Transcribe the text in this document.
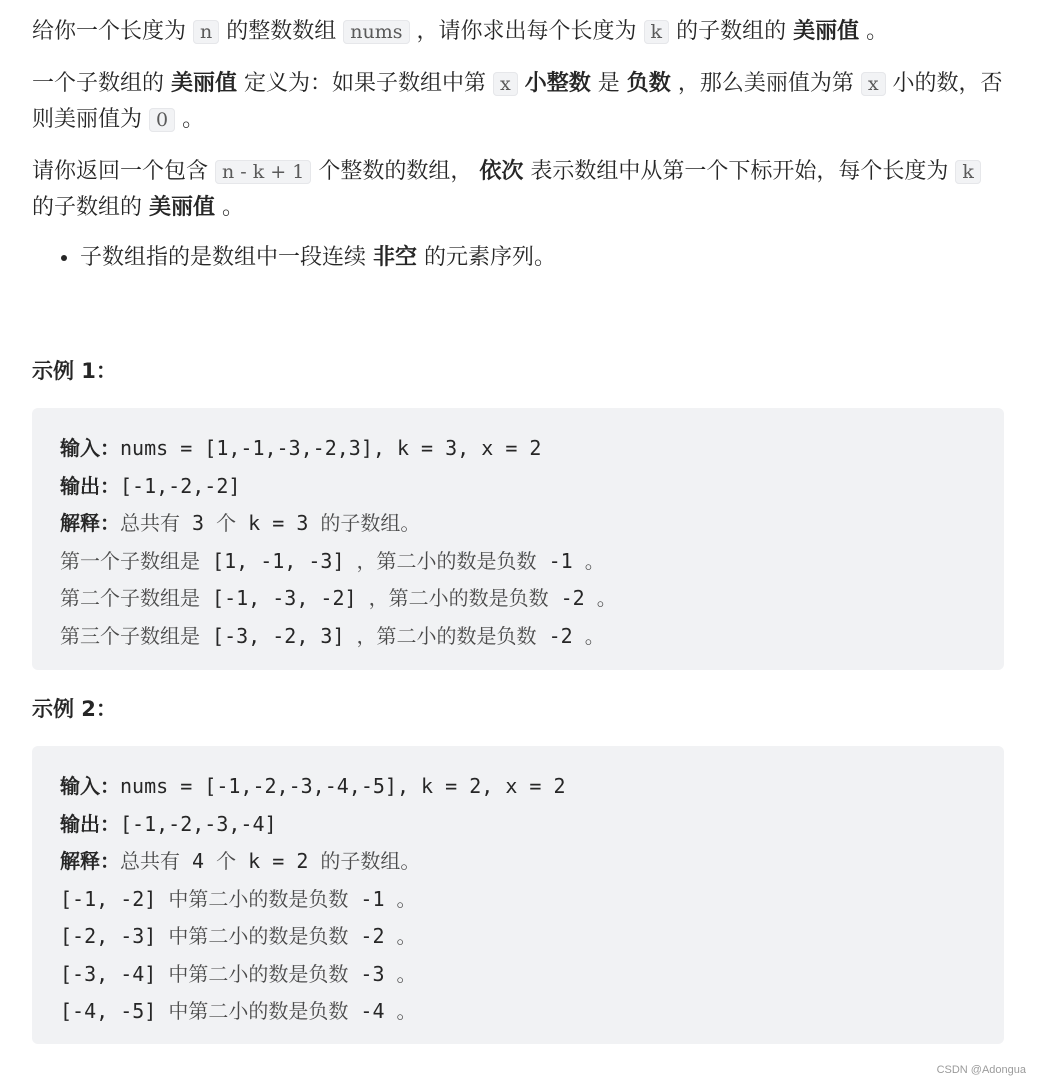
给你一个长度为 n 的整数数组 nums ，请你求出每个长度为 k 的子数组的 美丽值 。

一个子数组的 美丽值 定义为：如果子数组中第 x 小整数 是 负数 ，那么美丽值为第 x 小的数，否则美丽值为 0 。

请你返回一个包含 n - k + 1 个整数的数组， 依次 表示数组中从第一个下标开始，每个长度为 k 的子数组的 美丽值 。

• 子数组指的是数组中一段连续 非空 的元素序列。
示例 1：
输入：nums = [1,-1,-3,-2,3], k = 3, x = 2
输出：[-1,-2,-2]
解释：总共有 3 个 k = 3 的子数组。
第一个子数组是 [1, -1, -3] ，第二小的数是负数 -1 。
第二个子数组是 [-1, -3, -2] ，第二小的数是负数 -2 。
第三个子数组是 [-3, -2, 3] ，第二小的数是负数 -2 。
示例 2：
输入：nums = [-1,-2,-3,-4,-5], k = 2, x = 2
输出：[-1,-2,-3,-4]
解释：总共有 4 个 k = 2 的子数组。
[-1, -2] 中第二小的数是负数 -1 。
[-2, -3] 中第二小的数是负数 -2 。
[-3, -4] 中第二小的数是负数 -3 。
[-4, -5] 中第二小的数是负数 -4 。
CSDN @Adongua
